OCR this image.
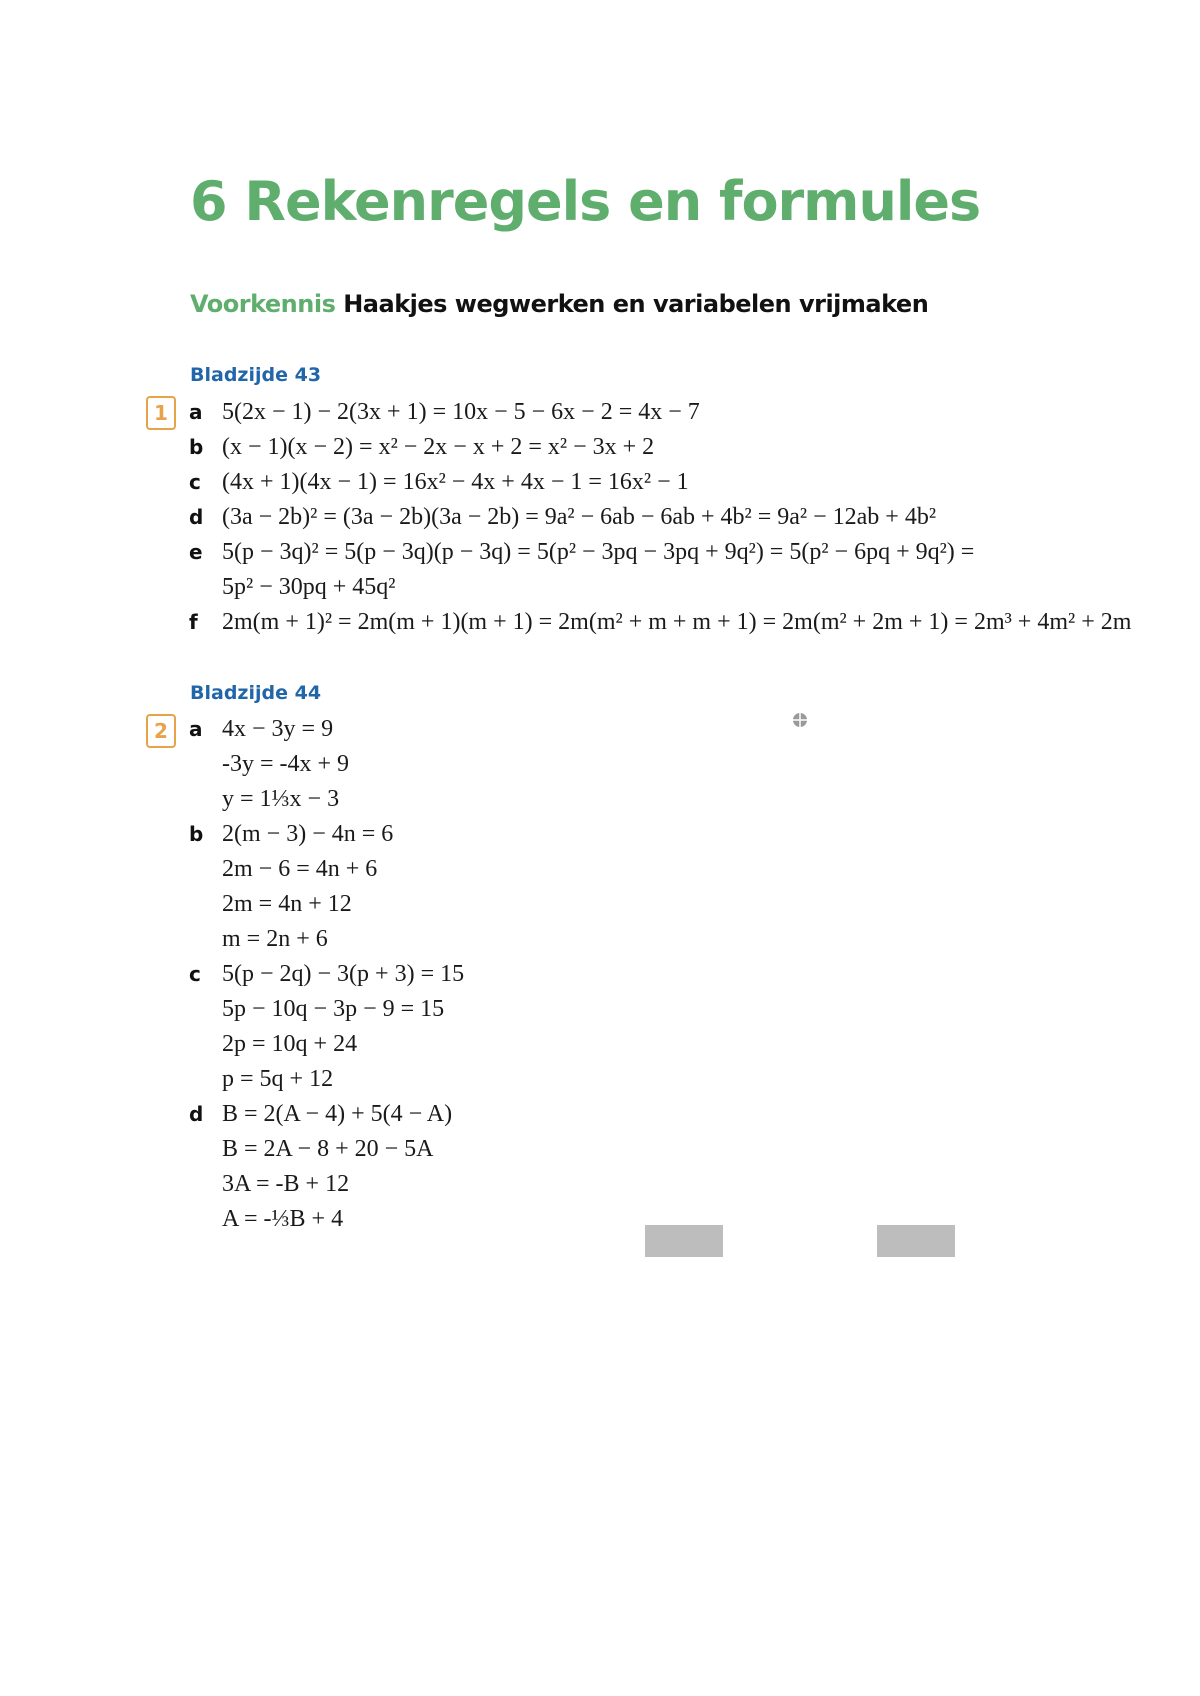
6 Rekenregels en formules
Voorkennis Haakjes wegwerken en variabelen vrijmaken
Bladzijde 43
1	a 5(2x − 1) − 2(3x + 1) = 10x − 5 − 6x − 2 = 4x − 7
b (x − 1)(x − 2) = x² − 2x − x + 2 = x² − 3x + 2
c (4x + 1)(4x − 1) = 16x² − 4x + 4x − 1 = 16x² − 1
d (3a − 2b)² = (3a − 2b)(3a − 2b) = 9a² − 6ab − 6ab + 4b² = 9a² − 12ab + 4b²
e 5(p − 3q)² = 5(p − 3q)(p − 3q) = 5(p² − 3pq − 3pq + 9q²) = 5(p² − 6pq + 9q²) =
5p² − 30pq + 45q²
f 2m(m + 1)² = 2m(m + 1)(m + 1) = 2m(m² + m + m + 1) = 2m(m² + 2m + 1) = 2m³ + 4m² + 2m
Bladzijde 44
2	a 4x − 3y = 9
-3y = -4x + 9
y = 1⅓x − 3
b 2(m − 3) − 4n = 6
2m − 6 = 4n + 6
2m = 4n + 12
m = 2n + 6
c 5(p − 2q) − 3(p + 3) = 15
5p − 10q − 3p − 9 = 15
2p = 10q + 24
p = 5q + 12
d B = 2(A − 4) + 5(4 − A)
B = 2A − 8 + 20 − 5A
3A = -B + 12
A = -⅓B + 4
